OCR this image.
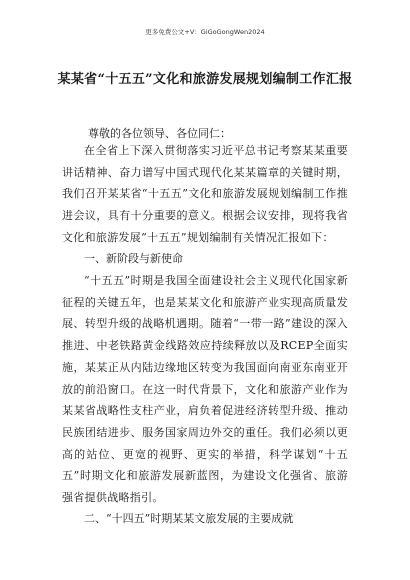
更多免费公文+V：GiGoGongWen2024
某某省“十五五”文化和旅游发展规划编制工作汇报
尊敬的各位领导、各位同仁：
在全省上下深入贯彻落实习近平总书记考察某某重要讲话精神、奋力谱写中国式现代化某某篇章的关键时期，我们召开某某省“十五五”文化和旅游发展规划编制工作推进会议，具有十分重要的意义。根据会议安排，现将我省文化和旅游发展“十五五”规划编制有关情况汇报如下：
一、新阶段与新使命
“十五五”时期是我国全面建设社会主义现代化国家新征程的关键五年，也是某某文化和旅游产业实现高质量发展、转型升级的战略机遇期。随着“一带一路”建设的深入推进、中老铁路黄金线路效应持续释放以及RCEP全面实施，某某正从内陆边缘地区转变为我国面向南亚东南亚开放的前沿窗口。在这一时代背景下，文化和旅游产业作为某某省战略性支柱产业，肩负着促进经济转型升级、推动民族团结进步、服务国家周边外交的重任。我们必须以更高的站位、更宽的视野、更实的举措，科学谋划“十五五”时期文化和旅游发展新蓝图，为建设文化强省、旅游强省提供战略指引。
二、“十四五”时期某某文旅发展的主要成就
